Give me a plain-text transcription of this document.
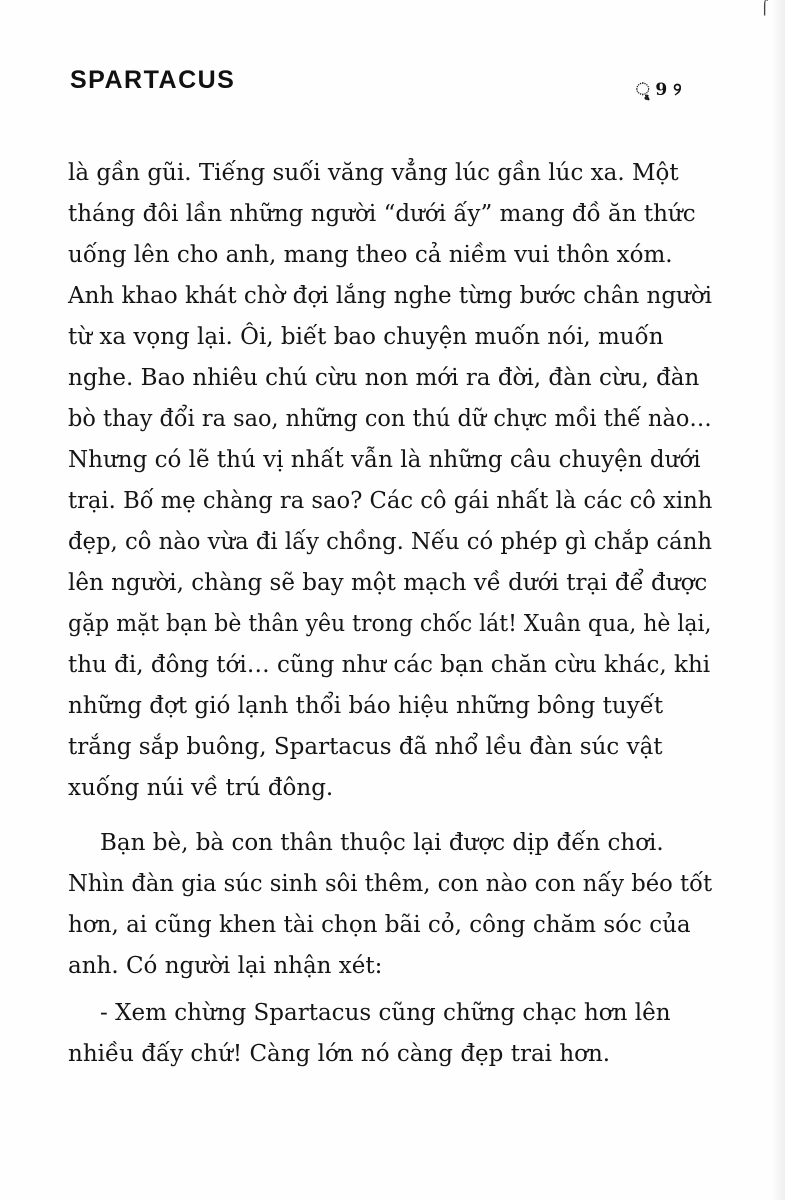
⌠
SPARTACUS	ୣ 9 ୨
là gần gũi. Tiếng suối văng vẳng lúc gần lúc xa. Một
tháng đôi lần những người “dưới ấy” mang đồ ăn thức
uống lên cho anh, mang theo cả niềm vui thôn xóm.
Anh khao khát chờ đợi lắng nghe từng bước chân người
từ xa vọng lại. Ôi, biết bao chuyện muốn nói, muốn
nghe. Bao nhiêu chú cừu non mới ra đời, đàn cừu, đàn
bò thay đổi ra sao, những con thú dữ chực mồi thế nào…
Nhưng có lẽ thú vị nhất vẫn là những câu chuyện dưới
trại. Bố mẹ chàng ra sao? Các cô gái nhất là các cô xinh
đẹp, cô nào vừa đi lấy chồng. Nếu có phép gì chắp cánh
lên người, chàng sẽ bay một mạch về dưới trại để được
gặp mặt bạn bè thân yêu trong chốc lát! Xuân qua, hè lại,
thu đi, đông tới… cũng như các bạn chăn cừu khác, khi
những đợt gió lạnh thổi báo hiệu những bông tuyết
trắng sắp buông, Spartacus đã nhổ lều đàn súc vật
xuống núi về trú đông.
Bạn bè, bà con thân thuộc lại được dịp đến chơi.
Nhìn đàn gia súc sinh sôi thêm, con nào con nấy béo tốt
hơn, ai cũng khen tài chọn bãi cỏ, công chăm sóc của
anh. Có người lại nhận xét:
- Xem chừng Spartacus cũng chững chạc hơn lên
nhiều đấy chứ! Càng lớn nó càng đẹp trai hơn.
